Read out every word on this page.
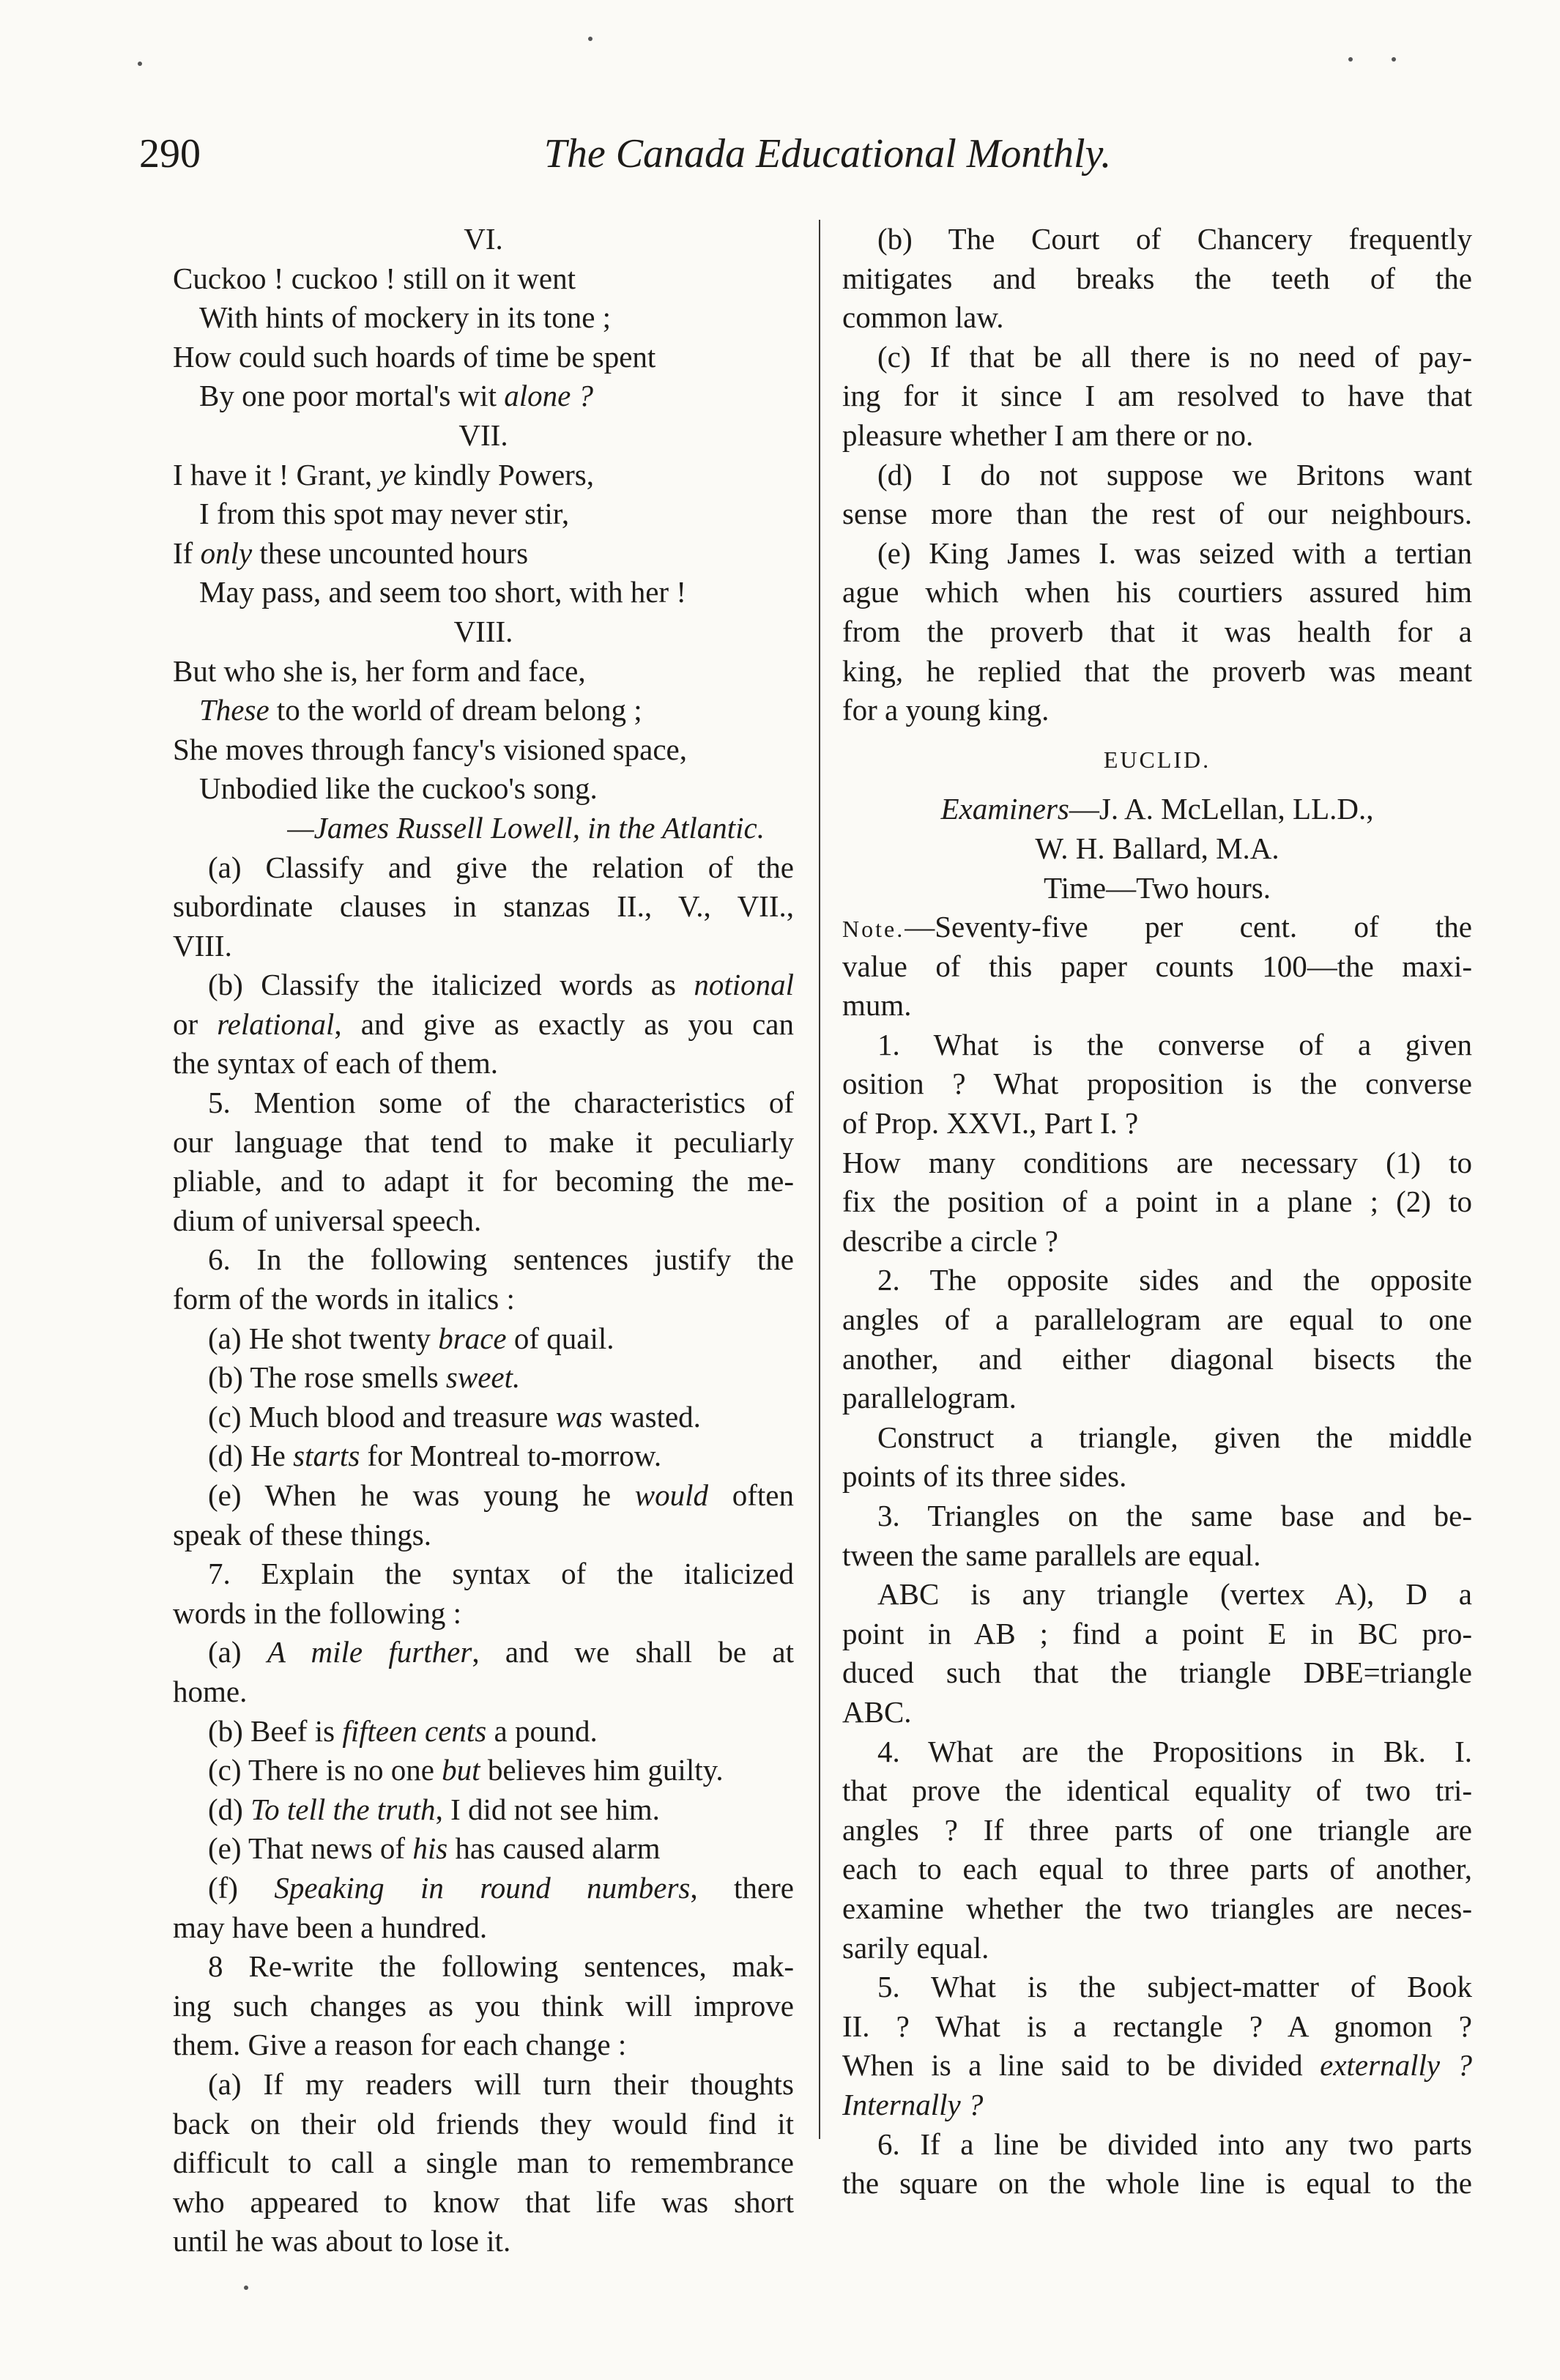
290	The Canada Educational Monthly.
VI.
Cuckoo ! cuckoo ! still on it went
With hints of mockery in its tone ;
How could such hoards of time be spent
By one poor mortal's wit alone ?
VII.
I have it ! Grant, ye kindly Powers,
I from this spot may never stir,
If only these uncounted hours
May pass, and seem too short, with her !
VIII.
But who she is, her form and face,
These to the world of dream belong ;
She moves through fancy's visioned space,
Unbodied like the cuckoo's song.
—James Russell Lowell, in the Atlantic.
(a) Classify and give the relation of the
subordinate clauses in stanzas II., V., VII.,
VIII.
(b) Classify the italicized words as notional
or relational, and give as exactly as you can
the syntax of each of them.
5. Mention some of the characteristics of
our language that tend to make it peculiarly
pliable, and to adapt it for becoming the me-
dium of universal speech.
6. In the following sentences justify the
form of the words in italics :
(a) He shot twenty brace of quail.
(b) The rose smells sweet.
(c) Much blood and treasure was wasted.
(d) He starts for Montreal to-morrow.
(e) When he was young he would often
speak of these things.
7. Explain the syntax of the italicized
words in the following :
(a) A mile further, and we shall be at
home.
(b) Beef is fifteen cents a pound.
(c) There is no one but believes him guilty.
(d) To tell the truth, I did not see him.
(e) That news of his has caused alarm
(f) Speaking in round numbers, there
may have been a hundred.
8 Re-write the following sentences, mak-
ing such changes as you think will improve
them. Give a reason for each change :
(a) If my readers will turn their thoughts
back on their old friends they would find it
difficult to call a single man to remembrance
who appeared to know that life was short
until he was about to lose it.
(b) The Court of Chancery frequently
mitigates and breaks the teeth of the
common law.
(c) If that be all there is no need of pay-
ing for it since I am resolved to have that
pleasure whether I am there or no.
(d) I do not suppose we Britons want
sense more than the rest of our neighbours.
(e) King James I. was seized with a tertian
ague which when his courtiers assured him
from the proverb that it was health for a
king, he replied that the proverb was meant
for a young king.
EUCLID.
Examiners—J. A. McLellan, LL.D.,
W. H. Ballard, M.A.
Time—Two hours.
Note.—Seventy-five per cent. of the
value of this paper counts 100—the maxi-
mum.
1. What is the converse of a given
osition ? What proposition is the converse
of Prop. XXVI., Part I. ?
How many conditions are necessary (1) to
fix the position of a point in a plane ; (2) to
describe a circle ?
2. The opposite sides and the opposite
angles of a parallelogram are equal to one
another, and either diagonal bisects the
parallelogram.
Construct a triangle, given the middle
points of its three sides.
3. Triangles on the same base and be-
tween the same parallels are equal.
ABC is any triangle (vertex A), D a
point in AB ; find a point E in BC pro-
duced such that the triangle DBE=triangle
ABC.
4. What are the Propositions in Bk. I.
that prove the identical equality of two tri-
angles ? If three parts of one triangle are
each to each equal to three parts of another,
examine whether the two triangles are neces-
sarily equal.
5. What is the subject-matter of Book
II. ? What is a rectangle ? A gnomon ?
When is a line said to be divided externally ?
Internally ?
6. If a line be divided into any two parts
the square on the whole line is equal to the
